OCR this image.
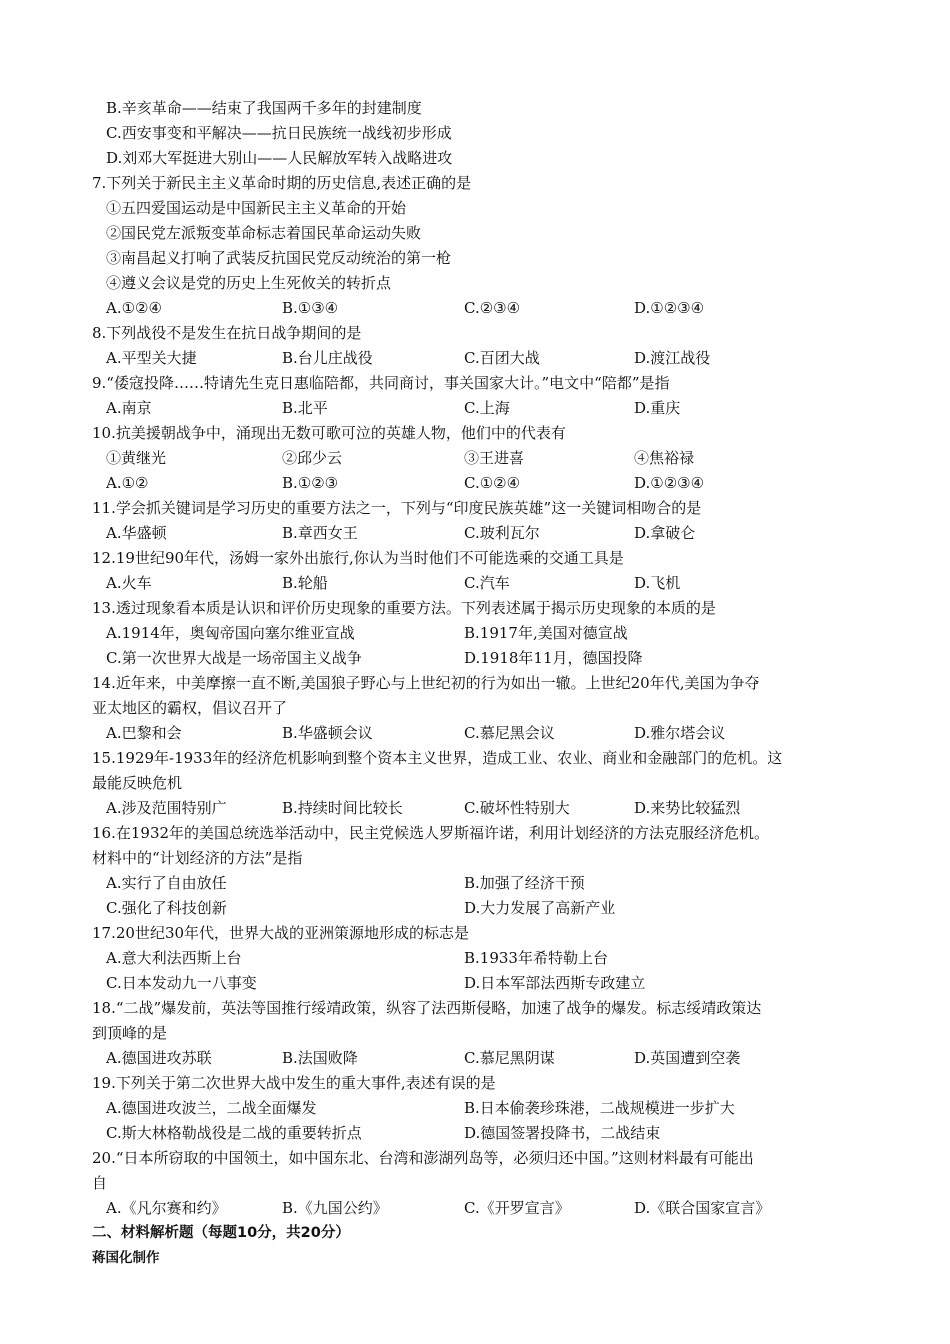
B.辛亥革命——结束了我国两千多年的封建制度
C.西安事变和平解决——抗日民族统一战线初步形成
D.刘邓大军挺进大别山——人民解放军转入战略进攻
7.下列关于新民主主义革命时期的历史信息,表述正确的是
①五四爱国运动是中国新民主主义革命的开始
②国民党左派叛变革命标志着国民革命运动失败
③南昌起义打响了武装反抗国民党反动统治的第一枪
④遵义会议是党的历史上生死攸关的转折点
A.①②④	B.①③④	C.②③④	D.①②③④
8.下列战役不是发生在抗日战争期间的是
A.平型关大捷	B.台儿庄战役	C.百团大战	D.渡江战役
9.“倭寇投降……特请先生克日惠临陪都，共同商讨，事关国家大计。”电文中“陪都”是指
A.南京	B.北平	C.上海	D.重庆
10.抗美援朝战争中，涌现出无数可歌可泣的英雄人物，他们中的代表有
①黄继光	②邱少云	③王进喜	④焦裕禄
A.①②	B.①②③	C.①②④	D.①②③④
11.学会抓关键词是学习历史的重要方法之一，下列与“印度民族英雄”这一关键词相吻合的是
A.华盛顿	B.章西女王	C.玻利瓦尔	D.拿破仑
12.19世纪90年代，汤姆一家外出旅行,你认为当时他们不可能选乘的交通工具是
A.火车	B.轮船	C.汽车	D.飞机
13.透过现象看本质是认识和评价历史现象的重要方法。下列表述属于揭示历史现象的本质的是
A.1914年，奥匈帝国向塞尔维亚宣战	B.1917年,美国对德宣战
C.第一次世界大战是一场帝国主义战争	D.1918年11月，德国投降
14.近年来，中美摩擦一直不断,美国狼子野心与上世纪初的行为如出一辙。上世纪20年代,美国为争夺
亚太地区的霸权，倡议召开了
A.巴黎和会	B.华盛顿会议	C.慕尼黑会议	D.雅尔塔会议
15.1929年-1933年的经济危机影响到整个资本主义世界，造成工业、农业、商业和金融部门的危机。这
最能反映危机
A.涉及范围特别广	B.持续时间比较长	C.破坏性特别大	D.来势比较猛烈
16.在1932年的美国总统选举活动中，民主党候选人罗斯福许诺，利用计划经济的方法克服经济危机。
材料中的“计划经济的方法”是指
A.实行了自由放任	B.加强了经济干预
C.强化了科技创新	D.大力发展了高新产业
17.20世纪30年代，世界大战的亚洲策源地形成的标志是
A.意大利法西斯上台	B.1933年希特勒上台
C.日本发动九一八事变	D.日本军部法西斯专政建立
18.“二战”爆发前，英法等国推行绥靖政策，纵容了法西斯侵略，加速了战争的爆发。标志绥靖政策达
到顶峰的是
A.德国进攻苏联	B.法国败降	C.慕尼黑阴谋	D.英国遭到空袭
19.下列关于第二次世界大战中发生的重大事件,表述有误的是
A.德国进攻波兰，二战全面爆发	B.日本偷袭珍珠港，二战规模进一步扩大
C.斯大林格勒战役是二战的重要转折点	D.德国签署投降书，二战结束
20.“日本所窃取的中国领土，如中国东北、台湾和澎湖列岛等，必须归还中国。”这则材料最有可能出
自
A.《凡尔赛和约》	B.《九国公约》	C.《开罗宣言》	D.《联合国家宣言》
二、材料解析题（每题10分，共20分）
蒋国化制作
